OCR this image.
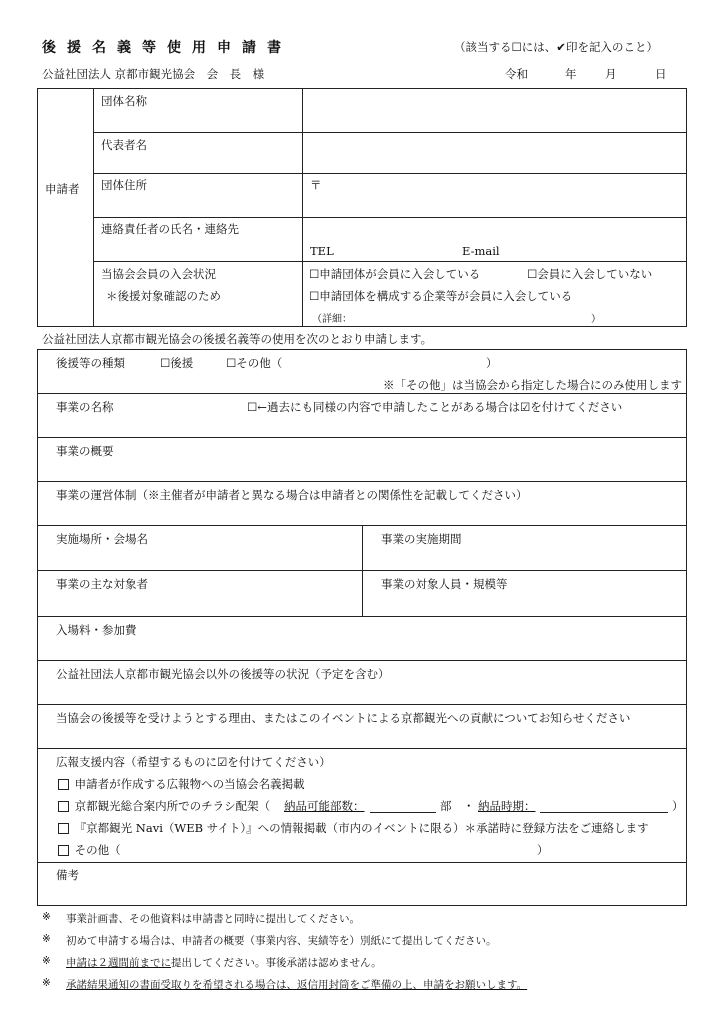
後援名義等使用申請書	（該当する☐には、✔印を記入のこと）
公益社団法人 京都市観光協会　会　長　様	令和	年 月	日
申請者
団体名称
代表者名
団体住所	〒
連絡責任者の氏名・連絡先
TEL	E-mail
当協会会員の入会状況
＊後援対象確認のため
☐申請団体が会員に入会している	☐会員に入会していない
☐申請団体を構成する企業等が会員に入会している
（詳細：	）
公益社団法人京都市観光協会の後援名義等の使用を次のとおり申請します。
後援等の種類	☐後援	☐その他（	）
※「その他」は当協会から指定した場合にのみ使用します
事業の名称	☐←過去にも同様の内容で申請したことがある場合は☑を付けてください
事業の概要
事業の運営体制（※主催者が申請者と異なる場合は申請者との関係性を記載してください）
実施場所・会場名	事業の実施期間
事業の主な対象者	事業の対象人員・規模等
入場料・参加費
公益社団法人京都市観光協会以外の後援等の状況（予定を含む）
当協会の後援等を受けようとする理由、またはこのイベントによる京都観光への貢献についてお知らせください
広報支援内容（希望するものに☑を付けてください）
申請者が作成する広報物への当協会名義掲載
京都観光総合案内所でのチラシ配架（ 納品可能部数：	部 ・ 納品時期：	）
『京都観光 Navi（WEB サイト）』への情報掲載（市内のイベントに限る）＊承諾時に登録方法をご連絡します
その他（	）
備考
※ 事業計画書、その他資料は申請書と同時に提出してください。
※ 初めて申請する場合は、申請者の概要（事業内容、実績等を）別紙にて提出してください。
※ 申請は２週間前までに提出してください。事後承諾は認めません。
※ 承諾結果通知の書面受取りを希望される場合は、返信用封筒をご準備の上、申請をお願いします。
